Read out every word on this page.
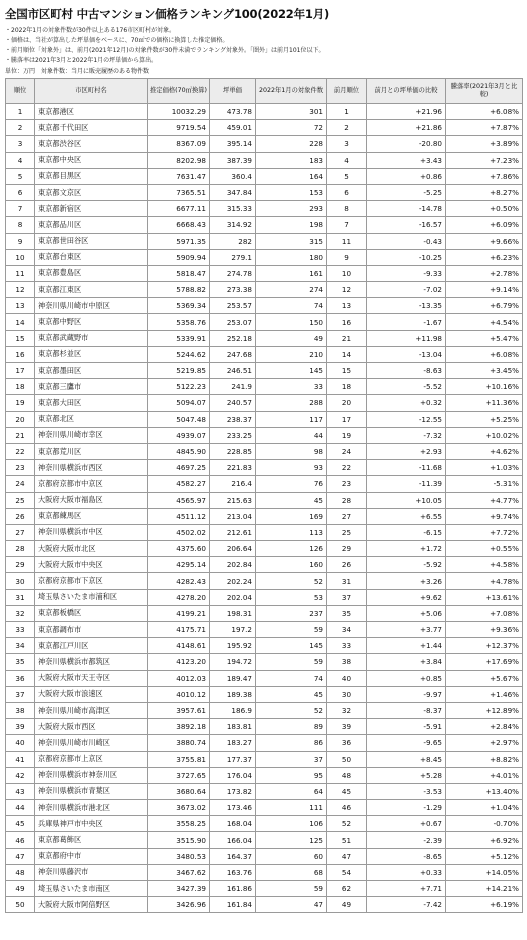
全国市区町村 中古マンション価格ランキング100(2022年1月)
・2022年1月の対象件数が30件以上ある176市区町村が対象。
・価格は、当社が算出した坪単価をベースに、70㎡での価格に換算した推定価格。
・前月順位「対象外」は、前月(2021年12月)の対象件数が30件未満でランキング対象外。「圏外」は前月101位以下。
・騰落率は2021年3月と2022年1月の坪単価から算出。
単位：万円　対象件数：当月に販売履歴のある物件数
順位	市区町村名	推定価格(70㎡換算)	坪単価	2022年1月の対象件数	前月順位	前月との坪単価の比較	騰落率(2021年3月と比較)
1	東京都港区	10032.29	473.78	301	1	+21.96	+6.08%
2	東京都千代田区	9719.54	459.01	72	2	+21.86	+7.87%
3	東京都渋谷区	8367.09	395.14	228	3	-20.80	+3.89%
4	東京都中央区	8202.98	387.39	183	4	+3.43	+7.23%
5	東京都目黒区	7631.47	360.4	164	5	+0.86	+7.86%
6	東京都文京区	7365.51	347.84	153	6	-5.25	+8.27%
7	東京都新宿区	6677.11	315.33	293	8	-14.78	+0.50%
8	東京都品川区	6668.43	314.92	198	7	-16.57	+6.09%
9	東京都世田谷区	5971.35	282	315	11	-0.43	+9.66%
10	東京都台東区	5909.94	279.1	180	9	-10.25	+6.23%
11	東京都豊島区	5818.47	274.78	161	10	-9.33	+2.78%
12	東京都江東区	5788.82	273.38	274	12	-7.02	+9.14%
13	神奈川県川崎市中原区	5369.34	253.57	74	13	-13.35	+6.79%
14	東京都中野区	5358.76	253.07	150	16	-1.67	+4.54%
15	東京都武蔵野市	5339.91	252.18	49	21	+11.98	+5.47%
16	東京都杉並区	5244.62	247.68	210	14	-13.04	+6.08%
17	東京都墨田区	5219.85	246.51	145	15	-8.63	+3.45%
18	東京都三鷹市	5122.23	241.9	33	18	-5.52	+10.16%
19	東京都大田区	5094.07	240.57	288	20	+0.32	+11.36%
20	東京都北区	5047.48	238.37	117	17	-12.55	+5.25%
21	神奈川県川崎市幸区	4939.07	233.25	44	19	-7.32	+10.02%
22	東京都荒川区	4845.90	228.85	98	24	+2.93	+4.62%
23	神奈川県横浜市西区	4697.25	221.83	93	22	-11.68	+1.03%
24	京都府京都市中京区	4582.27	216.4	76	23	-11.39	-5.31%
25	大阪府大阪市福島区	4565.97	215.63	45	28	+10.05	+4.77%
26	東京都練馬区	4511.12	213.04	169	27	+6.55	+9.74%
27	神奈川県横浜市中区	4502.02	212.61	113	25	-6.15	+7.72%
28	大阪府大阪市北区	4375.60	206.64	126	29	+1.72	+0.55%
29	大阪府大阪市中央区	4295.14	202.84	160	26	-5.92	+4.58%
30	京都府京都市下京区	4282.43	202.24	52	31	+3.26	+4.78%
31	埼玉県さいたま市浦和区	4278.20	202.04	53	37	+9.62	+13.61%
32	東京都板橋区	4199.21	198.31	237	35	+5.06	+7.08%
33	東京都調布市	4175.71	197.2	59	34	+3.77	+9.36%
34	東京都江戸川区	4148.61	195.92	145	33	+1.44	+12.37%
35	神奈川県横浜市都筑区	4123.20	194.72	59	38	+3.84	+17.69%
36	大阪府大阪市天王寺区	4012.03	189.47	74	40	+0.85	+5.67%
37	大阪府大阪市浪速区	4010.12	189.38	45	30	-9.97	+1.46%
38	神奈川県川崎市高津区	3957.61	186.9	52	32	-8.37	+12.89%
39	大阪府大阪市西区	3892.18	183.81	89	39	-5.91	+2.84%
40	神奈川県川崎市川崎区	3880.74	183.27	86	36	-9.65	+2.97%
41	京都府京都市上京区	3755.81	177.37	37	50	+8.45	+8.82%
42	神奈川県横浜市神奈川区	3727.65	176.04	95	48	+5.28	+4.01%
43	神奈川県横浜市青葉区	3680.64	173.82	64	45	-3.53	+13.40%
44	神奈川県横浜市港北区	3673.02	173.46	111	46	-1.29	+1.04%
45	兵庫県神戸市中央区	3558.25	168.04	106	52	+0.67	-0.70%
46	東京都葛飾区	3515.90	166.04	125	51	-2.39	+6.92%
47	東京都府中市	3480.53	164.37	60	47	-8.65	+5.12%
48	神奈川県藤沢市	3467.62	163.76	68	54	+0.33	+14.05%
49	埼玉県さいたま市南区	3427.39	161.86	59	62	+7.71	+14.21%
50	大阪府大阪市阿倍野区	3426.96	161.84	47	49	-7.42	+6.19%
